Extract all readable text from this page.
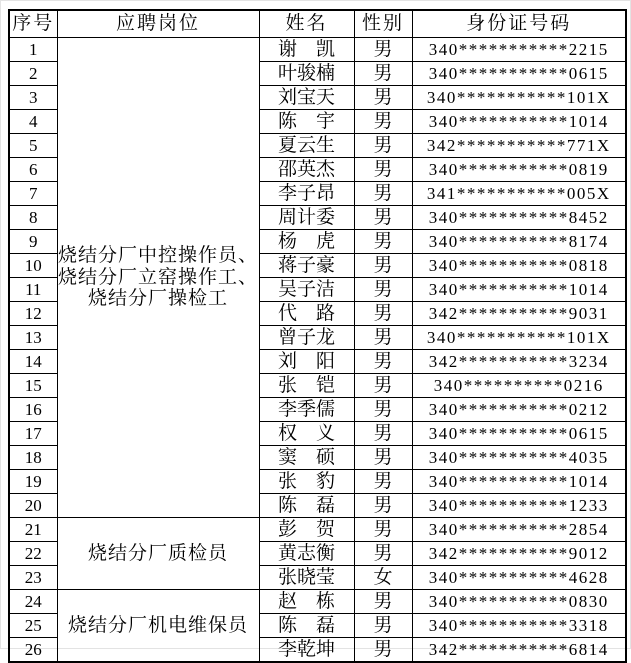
序号	应聘岗位	姓名	性别	身份证号码
1	烧结分厂中控操作员、烧结分厂立窑操作工、烧结分厂操检工	谢　凯	男	340***********2215
2		叶骏楠	男	340***********0615
3		刘宝天	男	340***********101X
4		陈　宇	男	340***********1014
5		夏云生	男	342***********771X
6		邵英杰	男	340***********0819
7		李子昂	男	341***********005X
8		周计委	男	340***********8452
9		杨　虎	男	340***********8174
10		蒋子豪	男	340***********0818
11		吴子洁	男	340***********1014
12		代　路	男	342***********9031
13		曾子龙	男	340***********101X
14		刘　阳	男	342***********3234
15		张　铠	男	340**********0216
16		李季儒	男	340***********0212
17		权　义	男	340***********0615
18		窦　硕	男	340***********4035
19		张　豹	男	340***********1014
20		陈　磊	男	340***********1233
21	烧结分厂质检员	彭　贺	男	340***********2854
22		黄志衡	男	342***********9012
23		张晓莹	女	340***********4628
24	烧结分厂机电维保员	赵　栋	男	340***********0830
25		陈　磊	男	340***********3318
26		李乾坤	男	342***********6814
